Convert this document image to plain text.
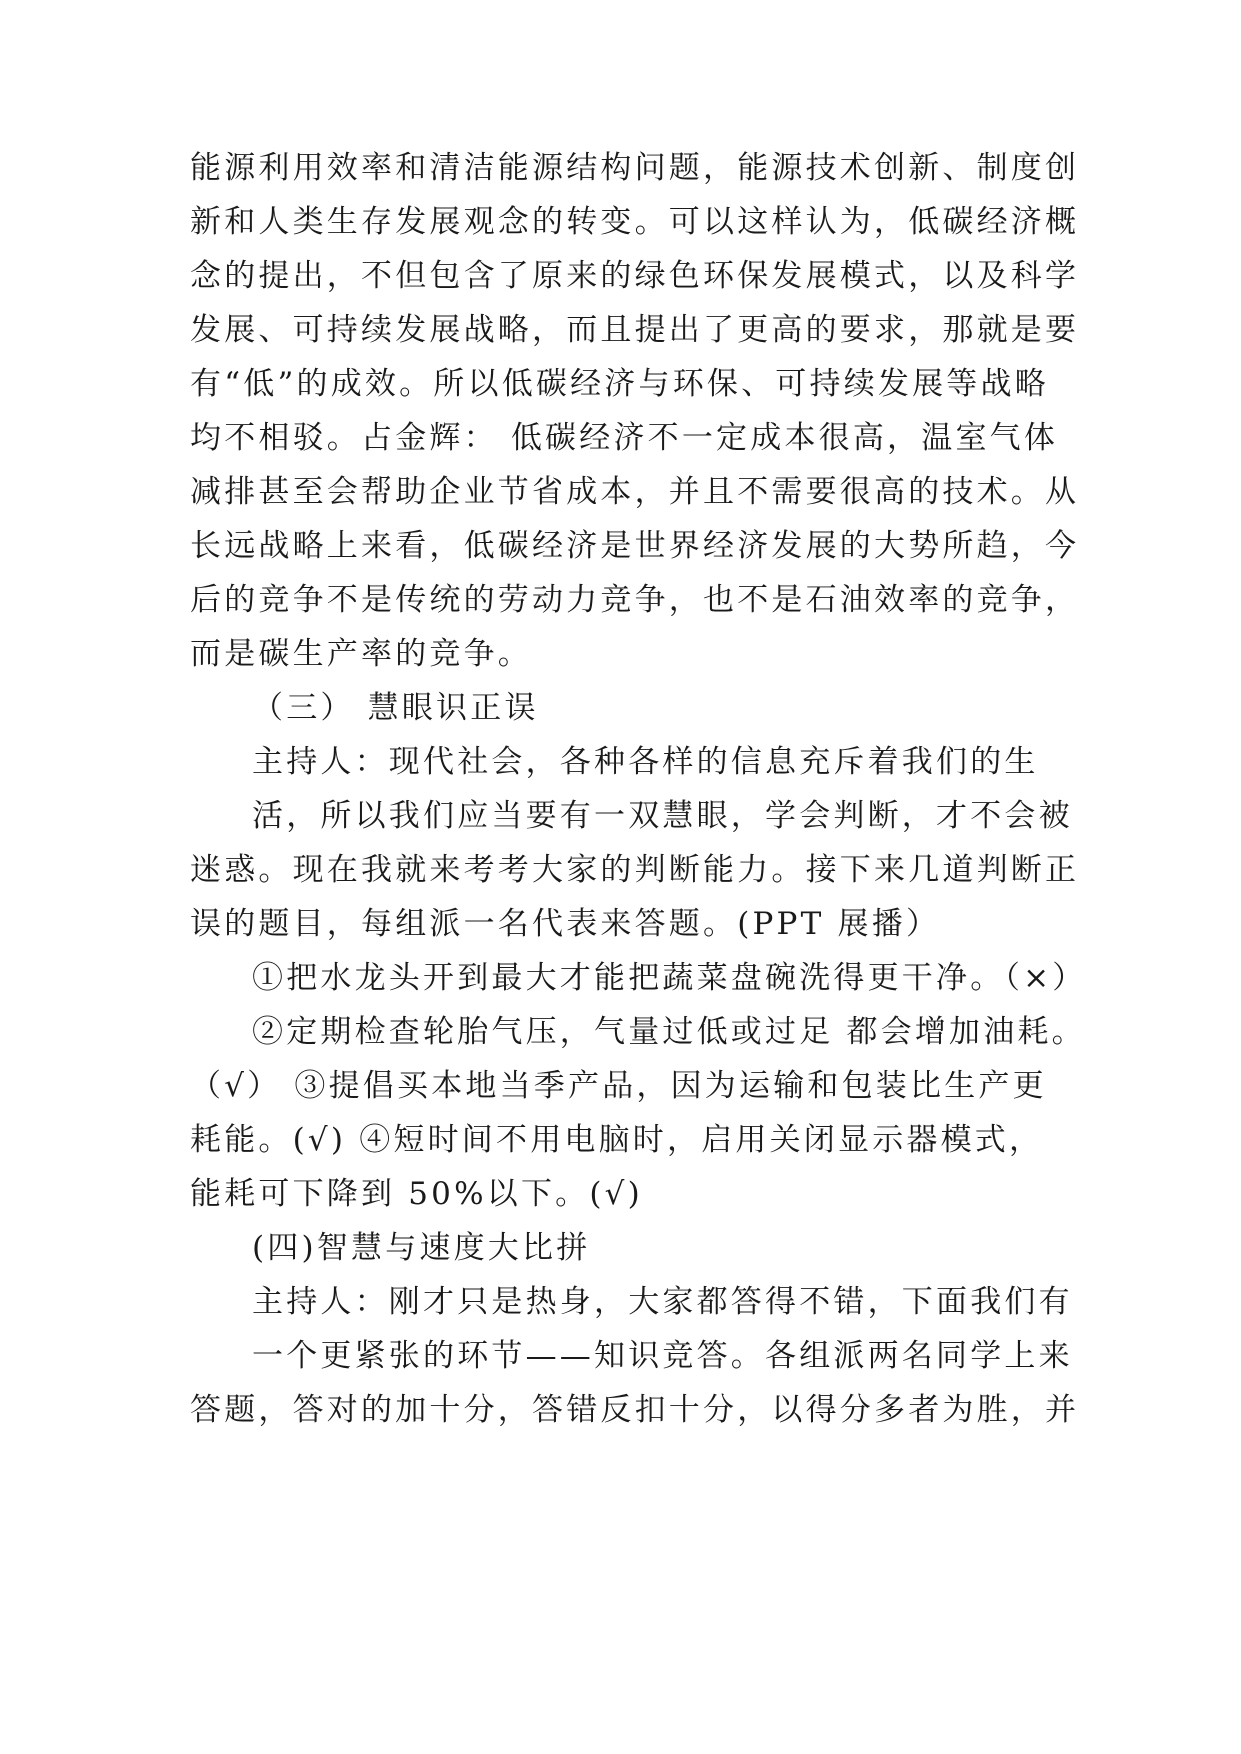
能源利用效率和清洁能源结构问题，能源技术创新、制度创
新和人类生存发展观念的转变。可以这样认为，低碳经济概
念的提出，不但包含了原来的绿色环保发展模式，以及科学
发展、可持续发展战略，而且提出了更高的要求，那就是要
有“低”的成效。所以低碳经济与环保、可持续发展等战略
均不相驳。占金辉： 低碳经济不一定成本很高，温室气体
减排甚至会帮助企业节省成本，并且不需要很高的技术。从
长远战略上来看，低碳经济是世界经济发展的大势所趋，今
后的竞争不是传统的劳动力竞争，也不是石油效率的竞争，
而是碳生产率的竞争。
（三） 慧眼识正误
主持人：现代社会，各种各样的信息充斥着我们的生
活，所以我们应当要有一双慧眼，学会判断，才不会被
迷惑。现在我就来考考大家的判断能力。接下来几道判断正
误的题目，每组派一名代表来答题。(PPT 展播）
①把水龙头开到最大才能把蔬菜盘碗洗得更干净。（×）
②定期检查轮胎气压，气量过低或过足 都会增加油耗。
（√） ③提倡买本地当季产品，因为运输和包装比生产更
耗能。(√) ④短时间不用电脑时，启用关闭显示器模式，
能耗可下降到 50%以下。(√)
(四)智慧与速度大比拼
主持人：刚才只是热身，大家都答得不错，下面我们有
一个更紧张的环节——知识竞答。各组派两名同学上来
答题，答对的加十分，答错反扣十分，以得分多者为胜，并
